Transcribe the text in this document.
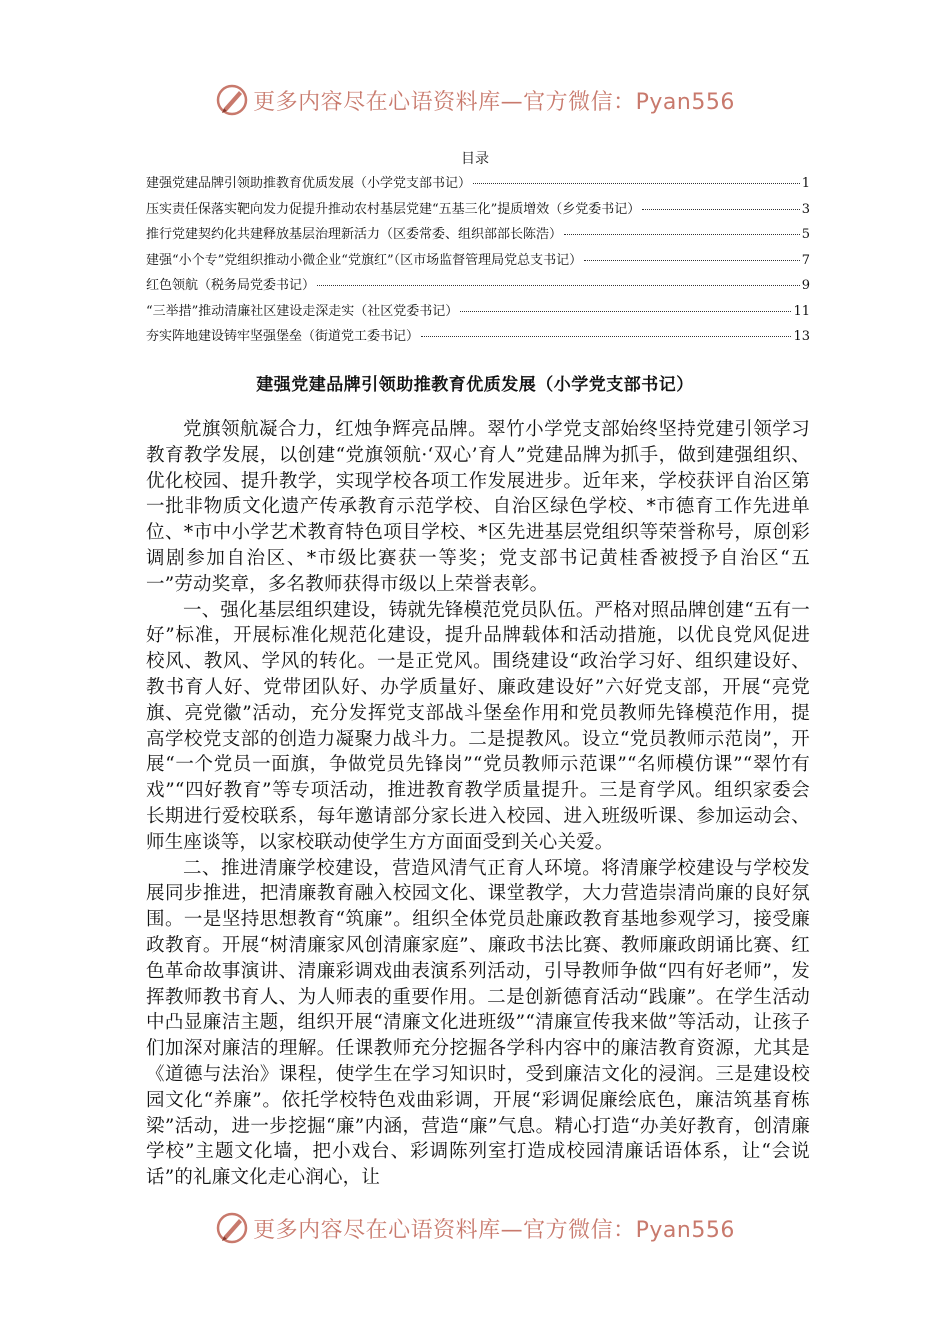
更多内容尽在心语资料库—官方微信：Pyan556
目录
建强党建品牌引领助推教育优质发展（小学党支部书记）	1
压实责任保落实靶向发力促提升推动农村基层党建“五基三化”提质增效（乡党委书记）	3
推行党建契约化共建释放基层治理新活力（区委常委、组织部部长陈浩）	5
建强“小个专”党组织推动小微企业“党旗红”（区市场监督管理局党总支书记）	7
红色领航（税务局党委书记）	9
“三举措”推动清廉社区建设走深走实（社区党委书记）	11
夯实阵地建设铸牢坚强堡垒（街道党工委书记）	13
建强党建品牌引领助推教育优质发展（小学党支部书记）

党旗领航凝合力，红烛争辉亮品牌。翠竹小学党支部始终坚持党建引领学习教育教学发展，以创建“党旗领航·‘双心’育人”党建品牌为抓手，做到建强组织、优化校园、提升教学，实现学校各项工作发展进步。近年来，学校获评自治区第一批非物质文化遗产传承教育示范学校、自治区绿色学校、*市德育工作先进单位、*市中小学艺术教育特色项目学校、*区先进基层党组织等荣誉称号，原创彩调剧参加自治区、*市级比赛获一等奖；党支部书记黄桂香被授予自治区“五一”劳动奖章，多名教师获得市级以上荣誉表彰。

一、强化基层组织建设，铸就先锋模范党员队伍。严格对照品牌创建“五有一好”标准，开展标准化规范化建设，提升品牌载体和活动措施，以优良党风促进校风、教风、学风的转化。一是正党风。围绕建设“政治学习好、组织建设好、教书育人好、党带团队好、办学质量好、廉政建设好”六好党支部，开展“亮党旗、亮党徽”活动，充分发挥党支部战斗堡垒作用和党员教师先锋模范作用，提高学校党支部的创造力凝聚力战斗力。二是提教风。设立“党员教师示范岗”，开展“一个党员一面旗，争做党员先锋岗”“党员教师示范课”“名师模仿课”“翠竹有戏”“四好教育”等专项活动，推进教育教学质量提升。三是育学风。组织家委会长期进行爱校联系，每年邀请部分家长进入校园、进入班级听课、参加运动会、师生座谈等，以家校联动使学生方方面面受到关心关爱。

二、推进清廉学校建设，营造风清气正育人环境。将清廉学校建设与学校发展同步推进，把清廉教育融入校园文化、课堂教学，大力营造崇清尚廉的良好氛围。一是坚持思想教育“筑廉”。组织全体党员赴廉政教育基地参观学习，接受廉政教育。开展“树清廉家风创清廉家庭”、廉政书法比赛、教师廉政朗诵比赛、红色革命故事演讲、清廉彩调戏曲表演系列活动，引导教师争做“四有好老师”，发挥教师教书育人、为人师表的重要作用。二是创新德育活动“践廉”。在学生活动中凸显廉洁主题，组织开展“清廉文化进班级”“清廉宣传我来做”等活动，让孩子们加深对廉洁的理解。任课教师充分挖掘各学科内容中的廉洁教育资源，尤其是《道德与法治》课程，使学生在学习知识时，受到廉洁文化的浸润。三是建设校园文化“养廉”。依托学校特色戏曲彩调，开展“彩调促廉绘底色，廉洁筑基育栋梁”活动，进一步挖掘“廉”内涵，营造“廉”气息。精心打造“办美好教育，创清廉学校”主题文化墙，把小戏台、彩调陈列室打造成校园清廉话语体系，让“会说话”的礼廉文化走心润心，让

更多内容尽在心语资料库—官方微信：Pyan556
